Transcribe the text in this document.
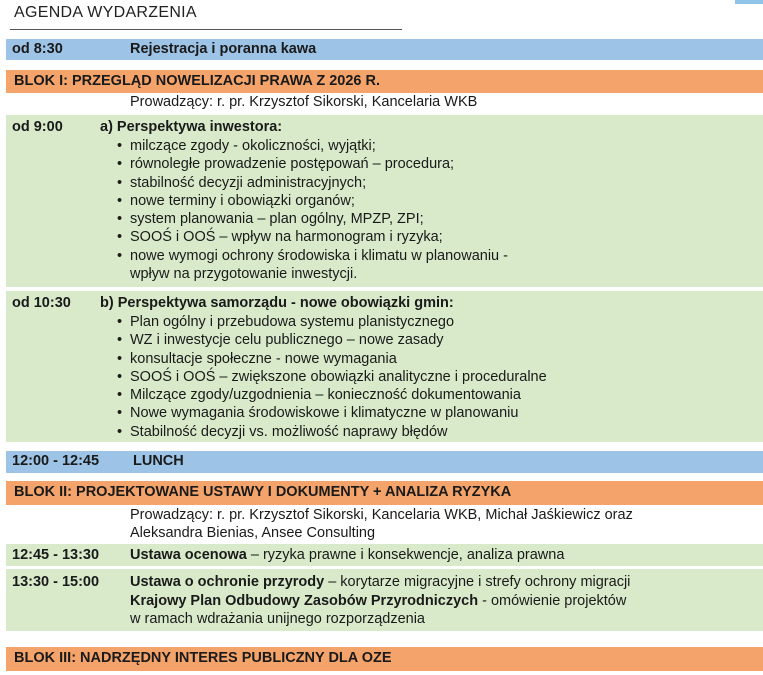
AGENDA WYDARZENIA
od 8:30	Rejestracja i poranna kawa
BLOK I: PRZEGLĄD NOWELIZACJI PRAWA Z 2026 R.
Prowadzący: r. pr. Krzysztof Sikorski, Kancelaria WKB
od 9:00	a) Perspektywa inwestora:
• milczące zgody - okoliczności, wyjątki;
• równoległe prowadzenie postępowań – procedura;
• stabilność decyzji administracyjnych;
• nowe terminy i obowiązki organów;
• system planowania – plan ogólny, MPZP, ZPI;
• SOOŚ i OOŚ – wpływ na harmonogram i ryzyka;
• nowe wymogi ochrony środowiska i klimatu w planowaniu -
wpływ na przygotowanie inwestycji.
od 10:30 b) Perspektywa samorządu - nowe obowiązki gmin:
• Plan ogólny i przebudowa systemu planistycznego
• WZ i inwestycje celu publicznego – nowe zasady
• konsultacje społeczne - nowe wymagania
• SOOŚ i OOŚ – zwiększone obowiązki analityczne i proceduralne
• Milczące zgody/uzgodnienia – konieczność dokumentowania
• Nowe wymagania środowiskowe i klimatyczne w planowaniu
• Stabilność decyzji vs. możliwość naprawy błędów
12:00 - 12:45 LUNCH
BLOK II: PROJEKTOWANE USTAWY I DOKUMENTY + ANALIZA RYZYKA
Prowadzący: r. pr. Krzysztof Sikorski, Kancelaria WKB, Michał Jaśkiewicz oraz
Aleksandra Bienias, Ansee Consulting
12:45 - 13:30 Ustawa ocenowa – ryzyka prawne i konsekwencje, analiza prawna
13:30 - 15:00 Ustawa o ochronie przyrody – korytarze migracyjne i strefy ochrony migracji
Krajowy Plan Odbudowy Zasobów Przyrodniczych - omówienie projektów
w ramach wdrażania unijnego rozporządzenia
BLOK III: NADRZĘDNY INTERES PUBLICZNY DLA OZE
